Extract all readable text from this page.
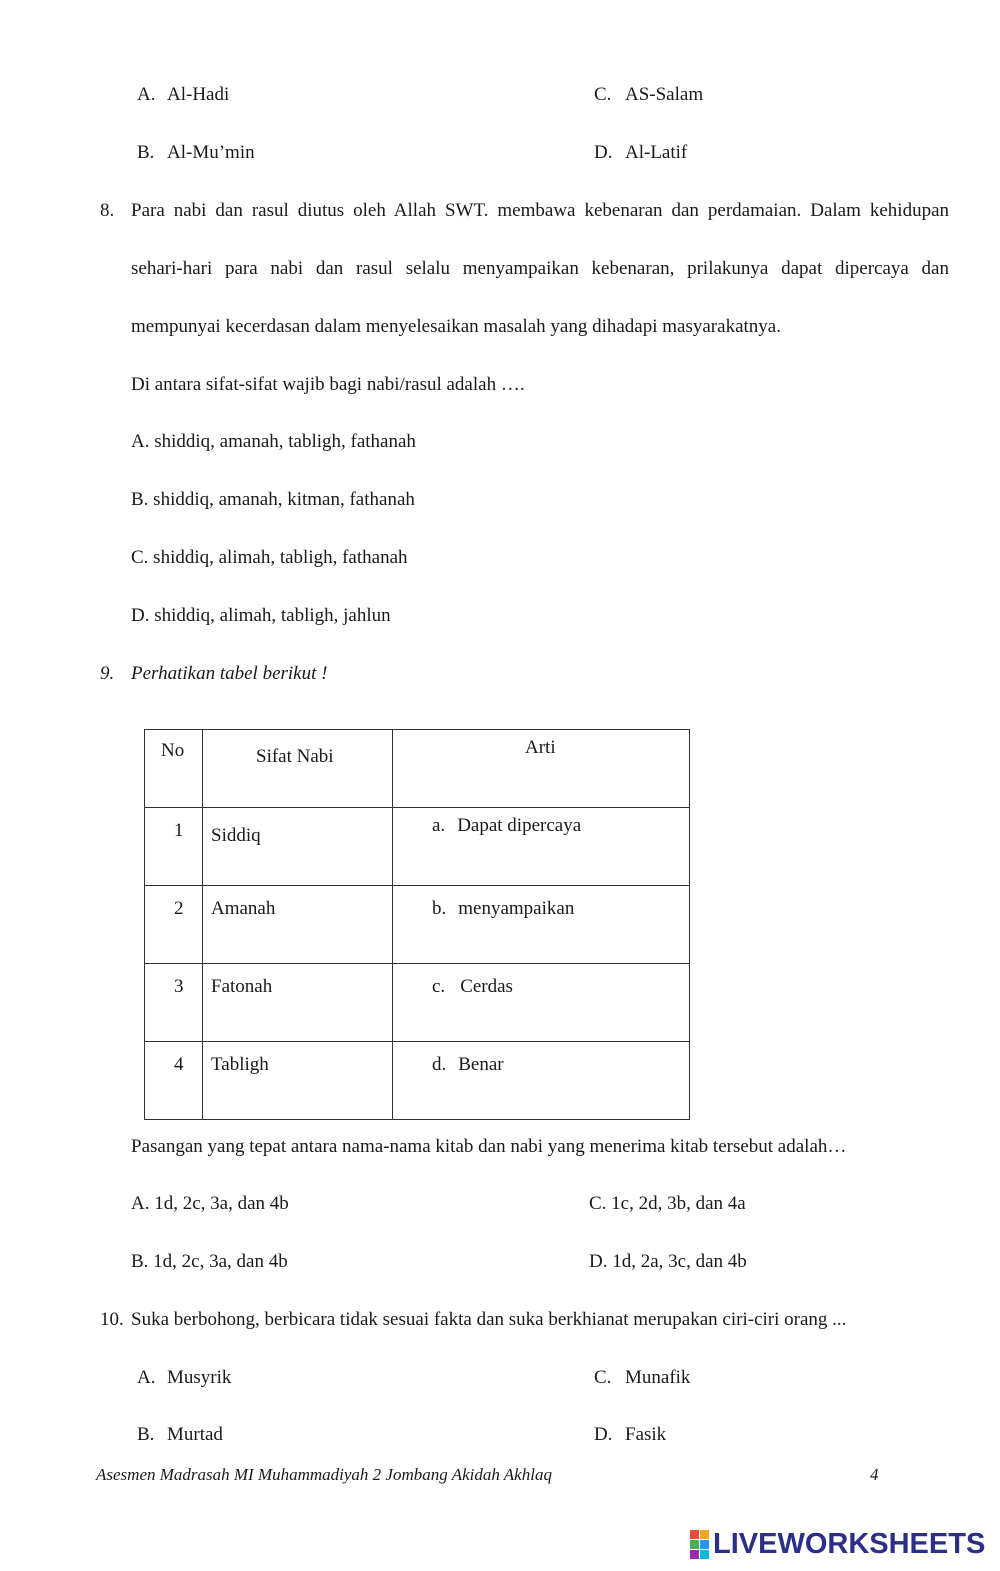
A. Al-Hadi	C. AS-Salam
B. Al-Mu’min	D. Al-Latif
8. Para nabi dan rasul diutus oleh Allah SWT. membawa kebenaran dan perdamaian. Dalam kehidupan
sehari-hari para nabi dan rasul selalu menyampaikan kebenaran, prilakunya dapat dipercaya dan
mempunyai kecerdasan dalam menyelesaikan masalah yang dihadapi masyarakatnya.
Di antara sifat-sifat wajib bagi nabi/rasul adalah ….
A. shiddiq, amanah, tabligh, fathanah
B. shiddiq, amanah, kitman, fathanah
C. shiddiq, alimah, tabligh, fathanah
D. shiddiq, alimah, tabligh, jahlun
9. Perhatikan tabel berikut !
No	Sifat Nabi	Arti

1	Siddiq	a. Dapat dipercaya

2	Amanah	b. menyampaikan

3	Fatonah	c. Cerdas

4	Tabligh	d. Benar
Pasangan yang tepat antara nama-nama kitab dan nabi yang menerima kitab tersebut adalah…
A. 1d, 2c, 3a, dan 4b	C. 1c, 2d, 3b, dan 4a
B. 1d, 2c, 3a, dan 4b	D. 1d, 2a, 3c, dan 4b
10. Suka berbohong, berbicara tidak sesuai fakta dan suka berkhianat merupakan ciri-ciri orang ...
A. Musyrik	C. Munafik
B. Murtad	D. Fasik
Asesmen Madrasah MI Muhammadiyah 2 Jombang Akidah Akhlaq	4
LIVEWORKSHEETS
